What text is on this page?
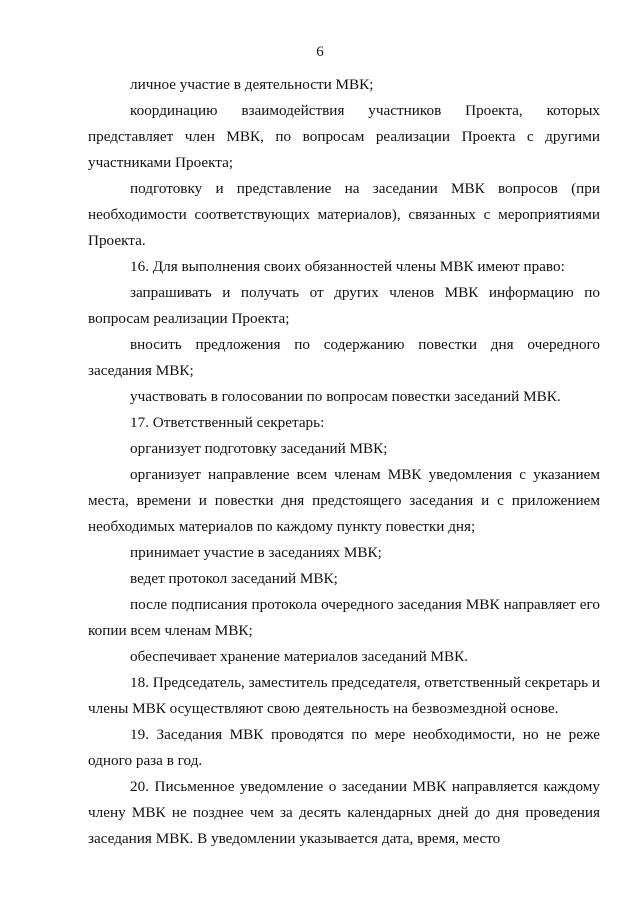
6

личное участие в деятельности МВК;

координацию взаимодействия участников Проекта, которых представляет член МВК, по вопросам реализации Проекта с другими участниками Проекта;

подготовку и представление на заседании МВК вопросов (при необходимости соответствующих материалов), связанных с мероприятиями Проекта.

16. Для выполнения своих обязанностей члены МВК имеют право:

запрашивать и получать от других членов МВК информацию по вопросам реализации Проекта;

вносить предложения по содержанию повестки дня очередного заседания МВК;

участвовать в голосовании по вопросам повестки заседаний МВК.

17. Ответственный секретарь:

организует подготовку заседаний МВК;

организует направление всем членам МВК уведомления с указанием места, времени и повестки дня предстоящего заседания и с приложением необходимых материалов по каждому пункту повестки дня;

принимает участие в заседаниях МВК;

ведет протокол заседаний МВК;

после подписания протокола очередного заседания МВК направляет его копии всем членам МВК;

обеспечивает хранение материалов заседаний МВК.

18. Председатель, заместитель председателя, ответственный секретарь и члены МВК осуществляют свою деятельность на безвозмездной основе.

19. Заседания МВК проводятся по мере необходимости, но не реже одного раза в год.

20. Письменное уведомление о заседании МВК направляется каждому члену МВК не позднее чем за десять календарных дней до дня проведения заседания МВК. В уведомлении указывается дата, время, место
